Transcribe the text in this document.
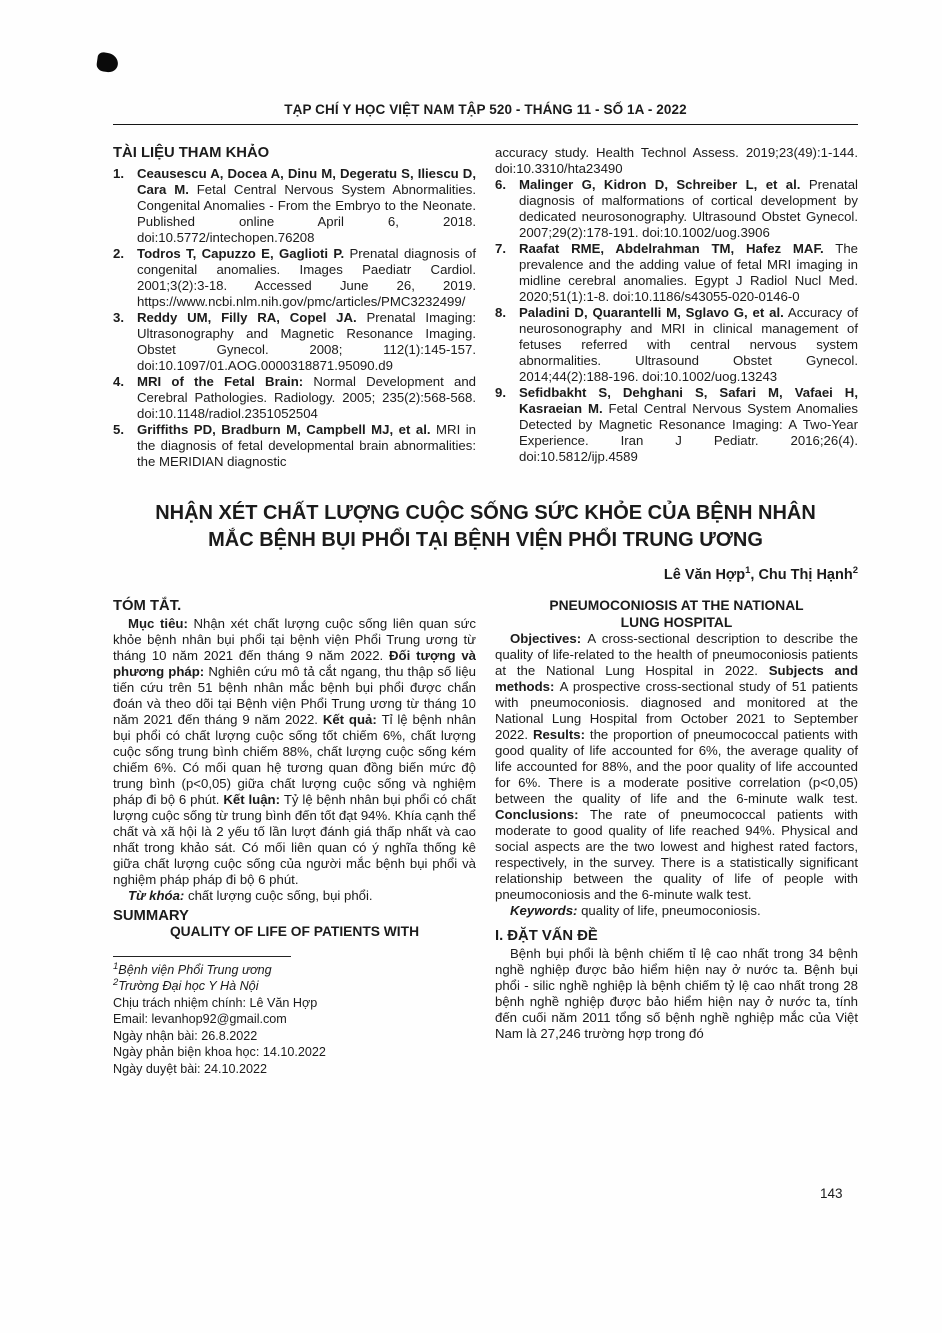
TẠP CHÍ Y HỌC VIỆT NAM TẬP 520 - THÁNG 11 - SỐ 1A - 2022
TÀI LIỆU THAM KHẢO
1. Ceausescu A, Docea A, Dinu M, Degeratu S, Iliescu D, Cara M. Fetal Central Nervous System Abnormalities. Congenital Anomalies - From the Embryo to the Neonate. Published online April 6, 2018. doi:10.5772/intechopen.76208
2. Todros T, Capuzzo E, Gaglioti P. Prenatal diagnosis of congenital anomalies. Images Paediatr Cardiol. 2001;3(2):3-18. Accessed June 26, 2019. https://www.ncbi.nlm.nih.gov/pmc/articles/PMC3232499/
3. Reddy UM, Filly RA, Copel JA. Prenatal Imaging: Ultrasonography and Magnetic Resonance Imaging. Obstet Gynecol. 2008; 112(1):145-157. doi:10.1097/01.AOG.0000318871.95090.d9
4. MRI of the Fetal Brain: Normal Development and Cerebral Pathologies. Radiology. 2005; 235(2):568-568. doi:10.1148/radiol.2351052504
5. Griffiths PD, Bradburn M, Campbell MJ, et al. MRI in the diagnosis of fetal developmental brain abnormalities: the MERIDIAN diagnostic
accuracy study. Health Technol Assess. 2019;23(49):1-144. doi:10.3310/hta23490
6. Malinger G, Kidron D, Schreiber L, et al. Prenatal diagnosis of malformations of cortical development by dedicated neurosonography. Ultrasound Obstet Gynecol. 2007;29(2):178-191. doi:10.1002/uog.3906
7. Raafat RME, Abdelrahman TM, Hafez MAF. The prevalence and the adding value of fetal MRI imaging in midline cerebral anomalies. Egypt J Radiol Nucl Med. 2020;51(1):1-8. doi:10.1186/s43055-020-0146-0
8. Paladini D, Quarantelli M, Sglavo G, et al. Accuracy of neurosonography and MRI in clinical management of fetuses referred with central nervous system abnormalities. Ultrasound Obstet Gynecol. 2014;44(2):188-196. doi:10.1002/uog.13243
9. Sefidbakht S, Dehghani S, Safari M, Vafaei H, Kasraeian M. Fetal Central Nervous System Anomalies Detected by Magnetic Resonance Imaging: A Two-Year Experience. Iran J Pediatr. 2016;26(4). doi:10.5812/ijp.4589
NHẬN XÉT CHẤT LƯỢNG CUỘC SỐNG SỨC KHỎE CỦA BỆNH NHÂN
MẮC BỆNH BỤI PHỔI TẠI BỆNH VIỆN PHỔI TRUNG ƯƠNG
Lê Văn Hợp$^1$, Chu Thị Hạnh$^2$
TÓM TẮT.
Mục tiêu: Nhận xét chất lượng cuộc sống liên quan sức khỏe bệnh nhân bụi phổi tại bệnh viện Phổi Trung ương từ tháng 10 năm 2021 đến tháng 9 năm 2022. Đối tượng và phương pháp: Nghiên cứu mô tả cắt ngang, thu thập số liệu tiến cứu trên 51 bệnh nhân mắc bệnh bụi phổi được chẩn đoán và theo dõi tại Bệnh viện Phổi Trung ương từ tháng 10 năm 2021 đến tháng 9 năm 2022. Kết quả: Tỉ lệ bệnh nhân bụi phổi có chất lượng cuộc sống tốt chiếm 6%, chất lượng cuộc sống trung bình chiếm 88%, chất lượng cuộc sống kém chiếm 6%. Có mối quan hệ tương quan đồng biến mức độ trung bình (p<0,05) giữa chất lượng cuộc sống và nghiệm pháp đi bộ 6 phút. Kết luận: Tỷ lệ bệnh nhân bụi phổi có chất lượng cuộc sống từ trung bình đến tốt đạt 94%. Khía cạnh thể chất và xã hội là 2 yếu tố lần lượt đánh giá thấp nhất và cao nhất trong khảo sát. Có mối liên quan có ý nghĩa thống kê giữa chất lượng cuộc sống của người mắc bệnh bụi phổi và nghiệm pháp pháp đi bộ 6 phút.
Từ khóa: chất lượng cuộc sống, bụi phổi.
SUMMARY
QUALITY OF LIFE OF PATIENTS WITH
$^1$Bệnh viện Phổi Trung ương
$^2$Trường Đại học Y Hà Nội
Chịu trách nhiệm chính: Lê Văn Hợp
Email: levanhop92@gmail.com
Ngày nhận bài: 26.8.2022
Ngày phản biện khoa học: 14.10.2022
Ngày duyệt bài: 24.10.2022
PNEUMOCONIOSIS AT THE NATIONAL
LUNG HOSPITAL
Objectives: A cross-sectional description to describe the quality of life-related to the health of pneumoconiosis patients at the National Lung Hospital in 2022. Subjects and methods: A prospective cross-sectional study of 51 patients with pneumoconiosis. diagnosed and monitored at the National Lung Hospital from October 2021 to September 2022. Results: the proportion of pneumococcal patients with good quality of life accounted for 6%, the average quality of life accounted for 88%, and the poor quality of life accounted for 6%. There is a moderate positive correlation (p<0,05) between the quality of life and the 6-minute walk test. Conclusions: The rate of pneumococcal patients with moderate to good quality of life reached 94%. Physical and social aspects are the two lowest and highest rated factors, respectively, in the survey. There is a statistically significant relationship between the quality of life of people with pneumoconiosis and the 6-minute walk test.
Keywords: quality of life, pneumoconiosis.
I. ĐẶT VẤN ĐỀ
Bệnh bụi phổi là bệnh chiếm tỉ lệ cao nhất trong 34 bệnh nghề nghiệp được bảo hiểm hiện nay ở nước ta. Bệnh bụi phổi - silic nghề nghiệp là bệnh chiếm tỷ lệ cao nhất trong 28 bệnh nghề nghiệp được bảo hiểm hiện nay ở nước ta, tính đến cuối năm 2011 tổng số bệnh nghề nghiệp mắc của Việt Nam là 27,246 trường hợp trong đó
143
